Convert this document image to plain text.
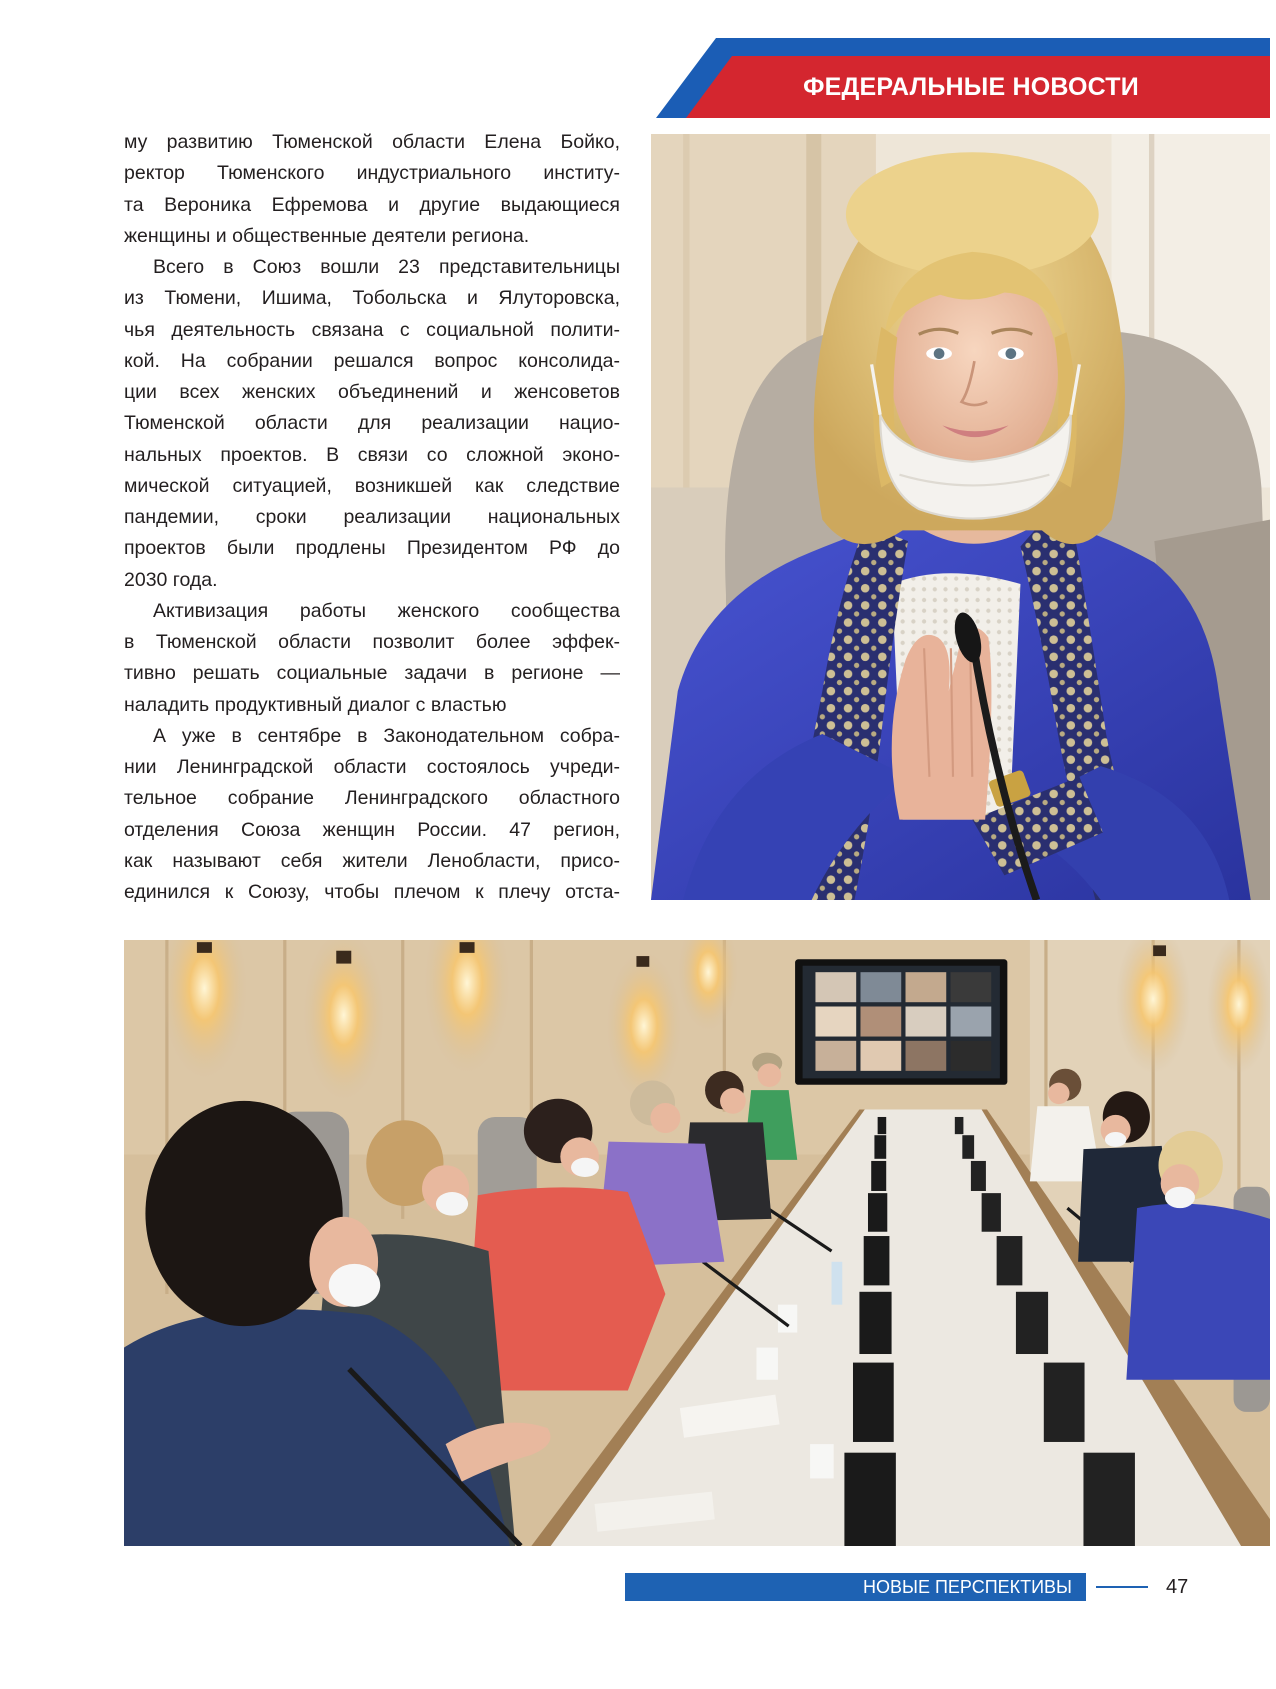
ФЕДЕРАЛЬНЫЕ НОВОСТИ
му развитию Тюменской области Елена Бойко,
ректор Тюменского индустриального институ-
та Вероника Ефремова и другие выдающиеся
женщины и общественные деятели региона.
Всего в Союз вошли 23 представительницы
из Тюмени, Ишима, Тобольска и Ялуторовска,
чья деятельность связана с социальной полити-
кой. На собрании решался вопрос консолида-
ции всех женских объединений и женсоветов
Тюменской области для реализации нацио-
нальных проектов. В связи со сложной эконо-
мической ситуацией, возникшей как следствие
пандемии, сроки реализации национальных
проектов были продлены Президентом РФ до
2030 года.
Активизация работы женского сообщества
в Тюменской области позволит более эффек-
тивно решать социальные задачи в регионе —
наладить продуктивный диалог с властью
А уже в сентябре в Законодательном собра-
нии Ленинградской области состоялось учреди-
тельное собрание Ленинградского областного
отделения Союза женщин России. 47 регион,
как называют себя жители Ленобласти, присо-
единился к Союзу, чтобы плечом к плечу отста-
НОВЫЕ ПЕРСПЕКТИВЫ	47
